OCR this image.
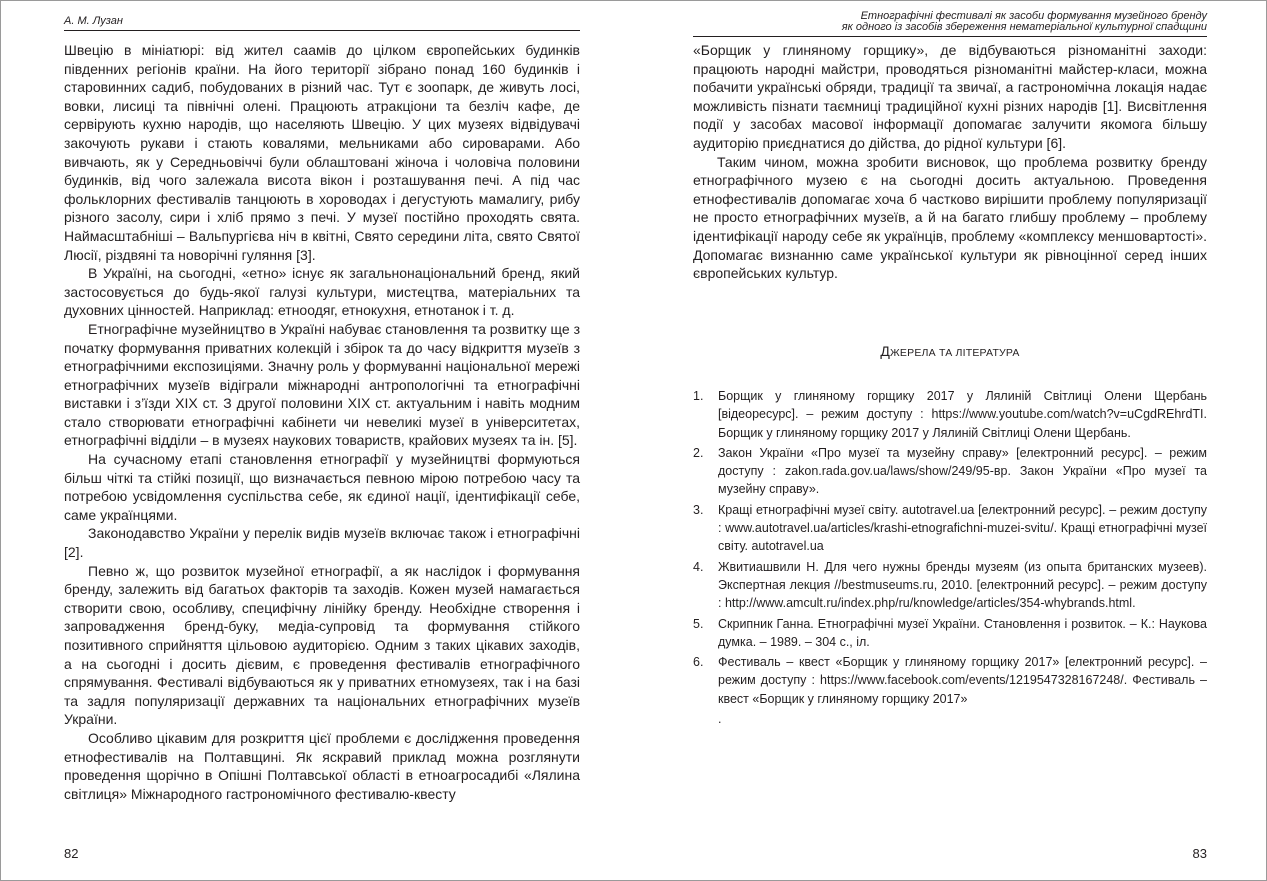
А. М. Лузан

Швецію в мініатюрі: від жител саамів до цілком європейських будинків південних регіонів країни. На його території зібрано понад 160 будинків і старовинних садиб, побудованих в різний час. Тут є зоопарк, де живуть лосі, вовки, лисиці та північні олені. Працюють атракціони та безліч кафе, де сервірують кухню народів, що населяють Швецію. У цих музеях відвідувачі закочують рукави і стають ковалями, мельниками або сироварами. Або вивчають, як у Середньовіччі були облаштовані жіноча і чоловіча половини будинків, від чого залежала висота вікон і розташування печі. А під час фольклорних фестивалів танцюють в хороводах і дегустують мамалигу, рибу різного засолу, сири і хліб прямо з печі. У музеї постійно проходять свята. Наймасштабніші – Вальпургієва ніч в квітні, Свято середини літа, свято Святої Люсії, різдвяні та новорічні гуляння [3].

В Україні, на сьогодні, «етно» існує як загальнонаціональний бренд, який застосовується до будь-якої галузі культури, мистецтва, матеріальних та духовних цінностей. Наприклад: етноодяг, етнокухня, етнотанок і т. д.

Етнографічне музейництво в Україні набуває становлення та розвитку ще з початку формування приватних колекцій і збірок та до часу відкриття музеїв з етнографічними експозиціями. Значну роль у формуванні національної мережі етнографічних музеїв відіграли міжнародні антропологічні та етнографічні виставки і з’їзди ХІХ ст. З другої половини ХІХ ст. актуальним і навіть модним стало створювати етнографічні кабінети чи невеликі музеї в університетах, етнографічні відділи – в музеях наукових товариств, крайових музеях та ін. [5].

На сучасному етапі становлення етнографії у музейництві формуються більш чіткі та стійкі позиції, що визначається певною мірою потребою часу та потребою усвідомлення суспільства себе, як єдиної нації, ідентифікації себе, саме українцями.

Законодавство України у перелік видів музеїв включає також і етнографічні [2].

Певно ж, що розвиток музейної етнографії, а як наслідок і формування бренду, залежить від багатьох факторів та заходів. Кожен музей намагається створити свою, особливу, специфічну лінійку бренду. Необхідне створення і запровадження бренд-буку, медіа-супровід та формування стійкого позитивного сприйняття цільовою аудиторією. Одним з таких цікавих заходів, а на сьогодні і досить дієвим, є проведення фестивалів етнографічного спрямування. Фестивалі відбуваються як у приватних етномузеях, так і на базі та задля популяризації державних та національних етнографічних музеїв України.

Особливо цікавим для розкриття цієї проблеми є дослідження проведення етнофестивалів на Полтавщині. Як яскравий приклад можна розглянути проведення щорічно в Опішні Полтавської області в етноагросадибі «Лялина світлиця» Міжнародного гастрономічного фестивалю-квесту

82
Етнографічні фестивалі як засоби формування музейного бренду
як одного із засобів збереження нематеріальної культурної спадщини

«Борщик у глиняному горщику», де відбуваються різноманітні заходи: працюють народні майстри, проводяться різноманітні майстер-класи, можна побачити українські обряди, традиції та звичаї, а гастрономічна локація надає можливість пізнати таємниці традиційної кухні різних народів [1]. Висвітлення події у засобах масової інформації допомагає залучити якомога більшу аудиторію приєднатися до дійства, до рідної культури [6].

Таким чином, можна зробити висновок, що проблема розвитку бренду етнографічного музею є на сьогодні досить актуальною. Проведення етнофестивалів допомагає хоча б частково вирішити проблему популяризації не просто етнографічних музеїв, а й на багато глибшу проблему – проблему ідентифікації народу себе як українців, проблему «комплексу меншовартості». Допомагає визнанню саме української культури як рівноцінної серед інших європейських культур.

ДЖЕРЕЛА ТА ЛІТЕРАТУРА
1. Борщик у глиняному горщику 2017 у Лялиній Світлиці Олени Щербань [відеоресурс]. – режим доступу : https://www.youtube.com/watch?v=uCgdREhrdTI. Борщик у глиняному горщику 2017 у Лялиній Світлиці Олени Щербань.
2. Закон України «Про музеї та музейну справу» [електронний ресурс]. – режим доступу : zakon.rada.gov.ua/laws/show/249/95-вр. Закон України «Про музеї та музейну справу».
3. Кращі етнографічні музеї світу. autotravel.ua [електронний ресурс]. – режим доступу : www.autotravel.ua/articles/krashi-etnografichni-muzei-svitu/. Кращі етнографічні музеї світу. autotravel.ua
4. Жвитиашвили Н. Для чего нужны бренды музеям (из опыта британских музеев). Экспертная лекция //bestmuseums.ru, 2010. [електронний ресурс]. – режим доступу : http://www.amcult.ru/index.php/ru/knowledge/articles/354-whybrands.html.
5. Скрипник Ганна. Етнографічні музеї України. Становлення і розвиток. – К.: Наукова думка. – 1989. – 304 с., іл.
6. Фестиваль – квест «Борщик у глиняному горщику 2017» [електронний ресурс]. – режим доступу : https://www.facebook.com/events/1219547328167248/. Фестиваль – квест «Борщик у глиняному горщику 2017»
.
83
